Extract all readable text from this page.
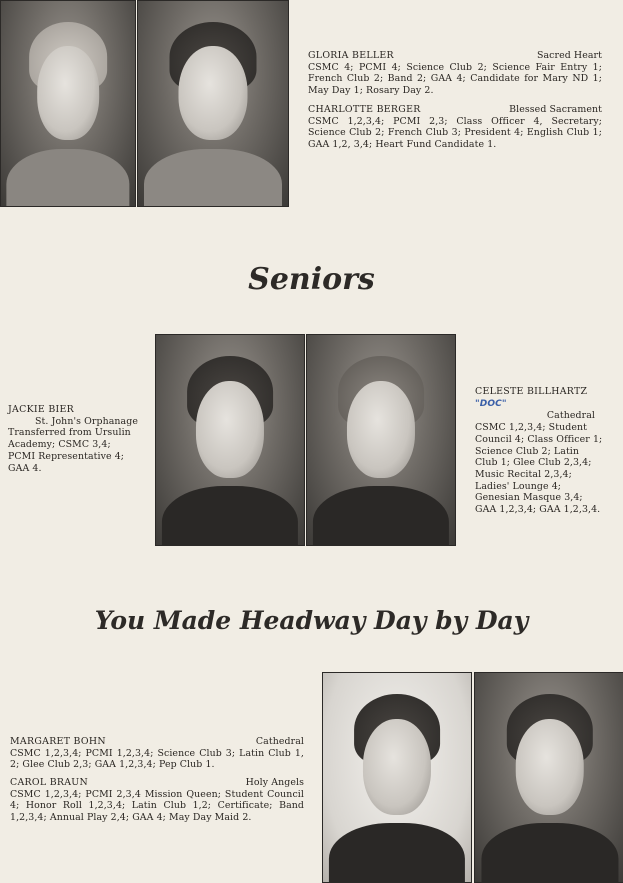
GLORIA BELLER	Sacred Heart
CSMC 4; PCMI 4; Science Club 2; Science Fair Entry 1; French Club 2; Band 2; GAA 4; Candidate for Mary ND 1; May Day 1; Rosary Day 2.
CHARLOTTE BERGER	Blessed Sacrament
CSMC 1,2,3,4; PCMI 2,3; Class Officer 4, Secretary; Science Club 2; French Club 3; President 4; English Club 1; GAA 1,2, 3,4; Heart Fund Candidate 1.
Seniors
JACKIE BIER
St. John's Orphanage
Transferred from Ursulin Academy; CSMC 3,4; PCMI Representative 4; GAA 4.
CELESTE BILLHARTZ "DOC"
Cathedral
CSMC 1,2,3,4; Student Council 4; Class Officer 1; Science Club 2; Latin Club 1; Glee Club 2,3,4; Music Recital 2,3,4; Ladies' Lounge 4; Genesian Masque 3,4; GAA 1,2,3,4; GAA 1,2,3,4.
You Made Headway Day by Day
MARGARET BOHN	Cathedral
CSMC 1,2,3,4; PCMI 1,2,3,4; Science Club 3; Latin Club 1, 2; Glee Club 2,3; GAA 1,2,3,4; Pep Club 1.
CAROL BRAUN	Holy Angels
CSMC 1,2,3,4; PCMI 2,3,4 Mission Queen; Student Council 4; Honor Roll 1,2,3,4; Latin Club 1,2; Certificate; Band 1,2,3,4; Annual Play 2,4; GAA 4; May Day Maid 2.
